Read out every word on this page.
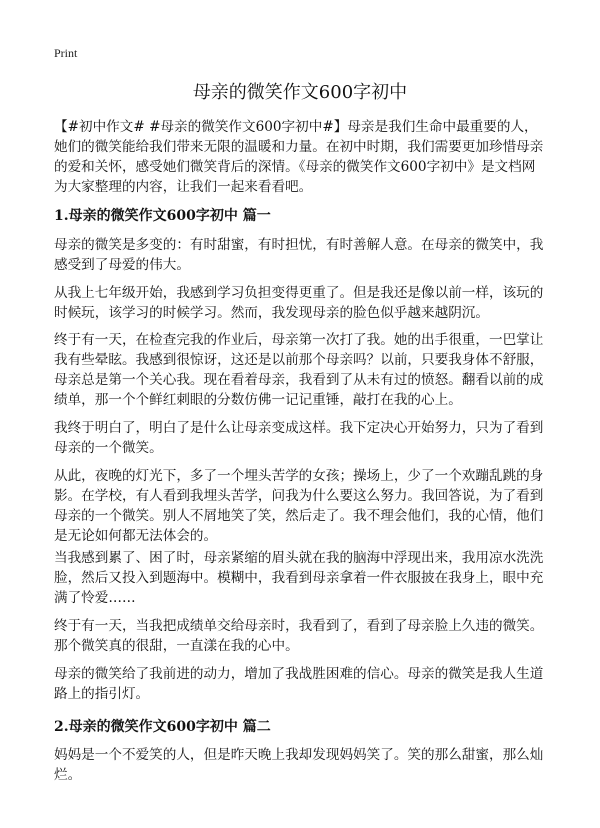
Print
母亲的微笑作文600字初中

【#初中作文# #母亲的微笑作文600字初中#】母亲是我们生命中最重要的人，她们的微笑能给我们带来无限的温暖和力量。在初中时期，我们需要更加珍惜母亲的爱和关怀，感受她们微笑背后的深情。《母亲的微笑作文600字初中》是文档网为大家整理的内容，让我们一起来看看吧。

1.母亲的微笑作文600字初中 篇一

母亲的微笑是多变的：有时甜蜜，有时担忧，有时善解人意。在母亲的微笑中，我感受到了母爱的伟大。

从我上七年级开始，我感到学习负担变得更重了。但是我还是像以前一样，该玩的时候玩，该学习的时候学习。然而，我发现母亲的脸色似乎越来越阴沉。

终于有一天，在检查完我的作业后，母亲第一次打了我。她的出手很重，一巴掌让我有些晕眩。我感到很惊讶，这还是以前那个母亲吗？以前，只要我身体不舒服，母亲总是第一个关心我。现在看着母亲，我看到了从未有过的愤怒。翻看以前的成绩单，那一个个鲜红刺眼的分数仿佛一记记重锤，敲打在我的心上。

我终于明白了，明白了是什么让母亲变成这样。我下定决心开始努力，只为了看到母亲的一个微笑。

从此，夜晚的灯光下，多了一个埋头苦学的女孩；操场上，少了一个欢蹦乱跳的身影。在学校，有人看到我埋头苦学，问我为什么要这么努力。我回答说，为了看到母亲的一个微笑。别人不屑地笑了笑，然后走了。我不理会他们，我的心情，他们是无论如何都无法体会的。

当我感到累了、困了时，母亲紧缩的眉头就在我的脑海中浮现出来，我用凉水洗洗脸，然后又投入到题海中。模糊中，我看到母亲拿着一件衣服披在我身上，眼中充满了怜爱……

终于有一天，当我把成绩单交给母亲时，我看到了，看到了母亲脸上久违的微笑。那个微笑真的很甜，一直漾在我的心中。

母亲的微笑给了我前进的动力，增加了我战胜困难的信心。母亲的微笑是我人生道路上的指引灯。

2.母亲的微笑作文600字初中 篇二

妈妈是一个不爱笑的人，但是昨天晚上我却发现妈妈笑了。笑的那么甜蜜，那么灿烂。
